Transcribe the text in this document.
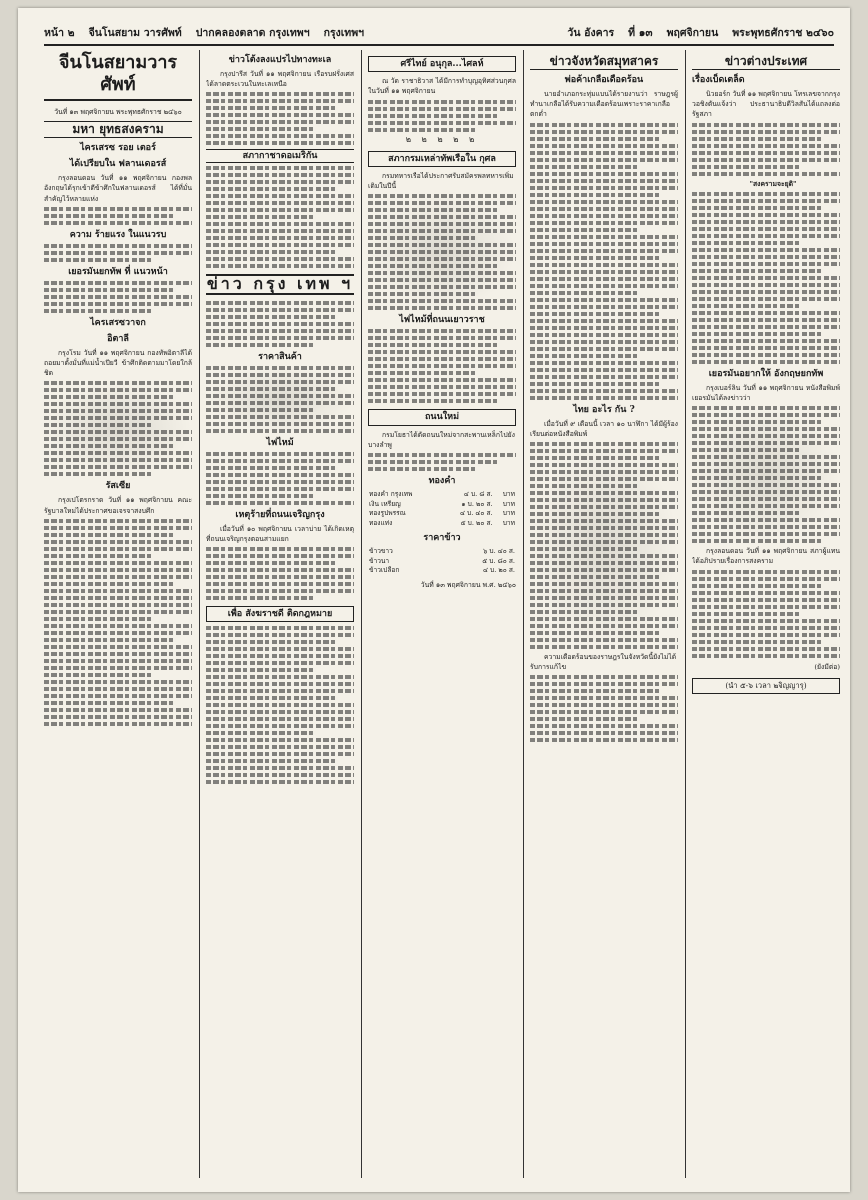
หน้า ๒ จีนโนสยาม วารศัพท์ ปากคลองตลาด กรุงเทพฯ กรุงเทพฯ	วัน อังคาร ที่ ๑๓ พฤศจิกายน พระพุทธศักราช ๒๔๖๐
จีนโนสยามวารศัพท์
วันที่ ๑๓ พฤศจิกายน พระพุทธศักราช ๒๔๖๐
มหา ยุทธสงคราม
ไครเสรซ รอย เตอร์
ได้เปรียบใน ฟลานเดอรส์
กรุงลอนดอน วันที่ ๑๑ พฤศจิกายน กองพลอังกฤษได้รุกเข้าตีข้าศึกในฟลานเดอรส์ ได้ที่มั่นสำคัญไว้หลายแห่ง
ความ ร้ายแรง ในแนวรบ
เยอรมันยกทัพ ที่ แนวหน้า
ไครเสรซวาจก
อิตาลี
กรุงโรม วันที่ ๑๑ พฤศจิกายน กองทัพอิตาลีได้ถอยมาตั้งมั่นที่แม่น้ำเปียวี ข้าศึกติดตามมาโดยใกล้ชิด
รัสเซีย
กรุงเปโตรกราด วันที่ ๑๑ พฤศจิกายน คณะรัฐบาลใหม่ได้ประกาศขอเจรจาสงบศึก
ข่าวโต้งลงแปรไปทางทะเล
กรุงปารีส วันที่ ๑๑ พฤศจิกายน เรือรบฝรั่งเศสได้ลาดตระเวนในทะเลเหนือ
สภากาชาดอเมริกัน
ข่าว กรุง เทพ ฯ
ราคาสินค้า
ไฟไหม้
เหตุร้ายที่ถนนเจริญกรุง
เมื่อวันที่ ๑๐ พฤศจิกายน เวลาบ่าย ได้เกิดเหตุที่ถนนเจริญกรุงตอนสามแยก
เพื่อ สังฆราชดี ติดกฎหมาย
ศรีไทย์ อนุกุล...ไศลห์
ณ วัด ราชาธิวาส ได้มีการทำบุญอุทิศส่วนกุศลในวันที่ ๑๑ พฤศจิกายน
๒ ๒ ๒ ๒ ๒
สภากรมเหล่าทัพเรือใน กุศล
กรมทหารเรือได้ประกาศรับสมัครพลทหารเพิ่มเติมในปีนี้
ไฟไหม้ที่ถนนเยาวราช
ถนนใหม่
กรมโยธาได้ตัดถนนใหม่จากสะพานเหล็กไปยังบางลำพู
ทองคำ
ทองคำ กรุงเทพ	๔ บ. ๘ ส.	บาท
เงิน เหรียญ	๑ บ. ๒๐ ส.	บาท
ทองรูปพรรณ	๔ บ. ๔๐ ส.	บาท
ทองแท่ง	๕ บ. ๒๐ ส.	บาท
ราคาข้าว
ข้าวขาว	๖ บ. ๔๐ ส.
ข้าวนา	๕ บ. ๘๐ ส.
ข้าวเปลือก	๔ บ. ๒๐ ส.
วันที่ ๑๓ พฤศจิกายน พ.ศ. ๒๔๖๐
ข่าวจังหวัดสมุทสาคร
พ่อค้าเกลือเดือดร้อน
นายอำเภอกระทุ่มแบนได้รายงานว่า ราษฎรผู้ทำนาเกลือได้รับความเดือดร้อนเพราะราคาเกลือตกต่ำ
ไทย อะไร กัน ?
เมื่อวันที่ ๙ เดือนนี้ เวลา ๑๐ นาฬิกา ได้มีผู้ร้องเรียนต่อหนังสือพิมพ์
ความเดือดร้อนของราษฎรในจังหวัดนี้ยังไม่ได้รับการแก้ไข
ข่าวต่างประเทศ
เรื่องเบ็ดเตล็ด
นิวยอร์ก วันที่ ๑๑ พฤศจิกายน โทรเลขจากกรุงวอชิงตันแจ้งว่า ประธานาธิบดีวิลสันได้แถลงต่อรัฐสภา
"สงครามจะยุติ"
เยอรมันอยากให้ อังกฤษยกทัพ
กรุงเบอร์ลิน วันที่ ๑๑ พฤศจิกายน หนังสือพิมพ์เยอรมันได้ลงข่าวว่า
กรุงลอนดอน วันที่ ๑๑ พฤศจิกายน สภาผู้แทนได้อภิปรายเรื่องการสงคราม
(ยังมีต่อ)
(นำ ๕-๖ เวลา ๒จิญญารุ)
